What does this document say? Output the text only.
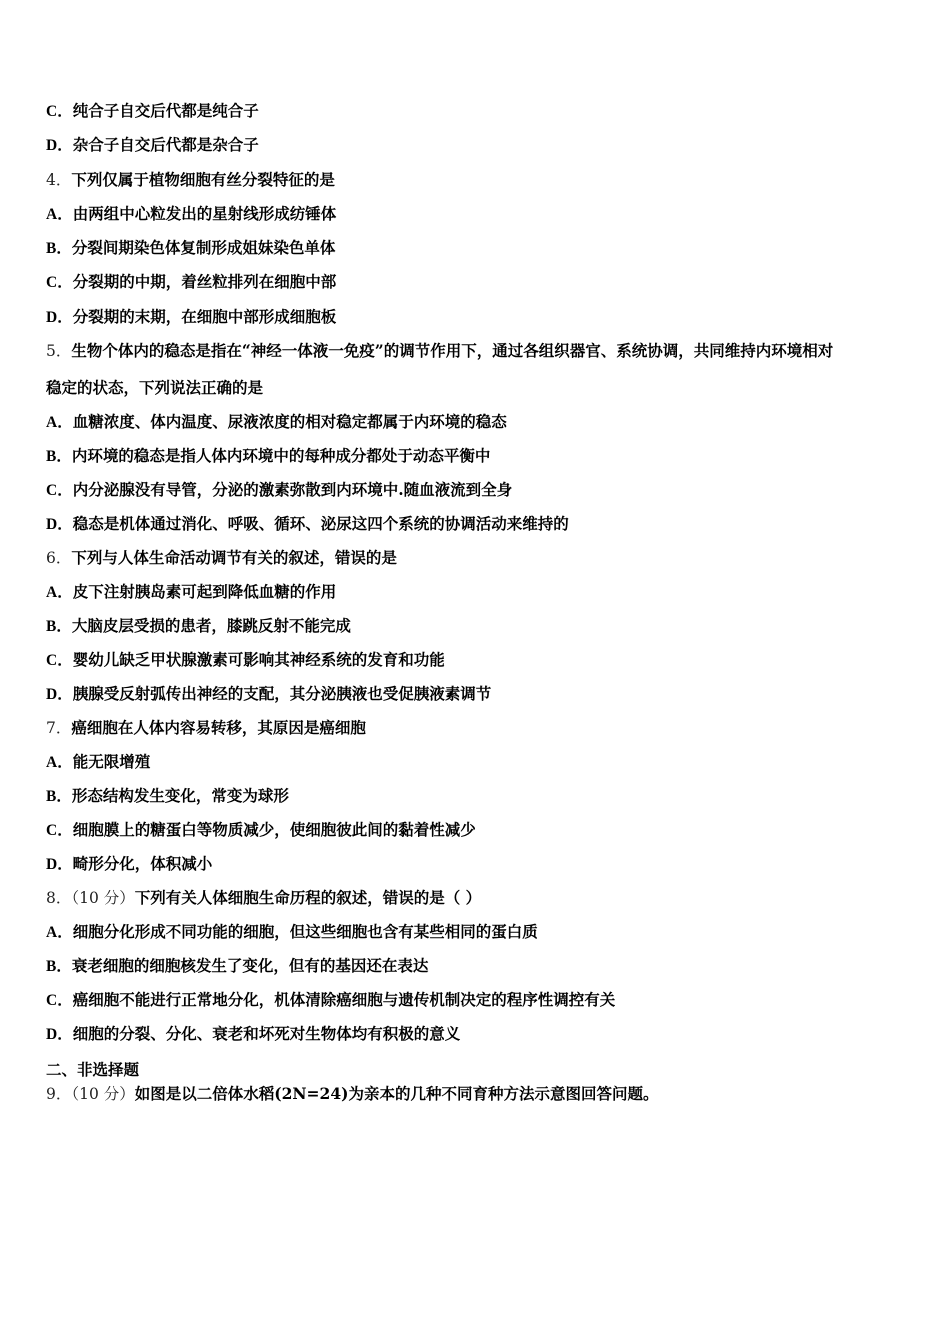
C．纯合子自交后代都是纯合子
D．杂合子自交后代都是杂合子
4．下列仅属于植物细胞有丝分裂特征的是
A．由两组中心粒发出的星射线形成纺锤体
B．分裂间期染色体复制形成姐妹染色单体
C．分裂期的中期，着丝粒排列在细胞中部
D．分裂期的末期，在细胞中部形成细胞板
5．生物个体内的稳态是指在“神经一体液一免疫”的调节作用下，通过各组织器官、系统协调，共同维持内环境相对
稳定的状态，下列说法正确的是
A．血糖浓度、体内温度、尿液浓度的相对稳定都属于内环境的稳态
B．内环境的稳态是指人体内环境中的每种成分都处于动态平衡中
C．内分泌腺没有导管，分泌的激素弥散到内环境中.随血液流到全身
D．稳态是机体通过消化、呼吸、循环、泌尿这四个系统的协调活动来维持的
6．下列与人体生命活动调节有关的叙述，错误的是
A．皮下注射胰岛素可起到降低血糖的作用
B．大脑皮层受损的患者，膝跳反射不能完成
C．婴幼儿缺乏甲状腺激素可影响其神经系统的发育和功能
D．胰腺受反射弧传出神经的支配，其分泌胰液也受促胰液素调节
7．癌细胞在人体内容易转移，其原因是癌细胞
A．能无限增殖
B．形态结构发生变化，常变为球形
C．细胞膜上的糖蛋白等物质减少，使细胞彼此间的黏着性减少
D．畸形分化，体积减小
8．（10 分）下列有关人体细胞生命历程的叙述，错误的是（ ）
A．细胞分化形成不同功能的细胞，但这些细胞也含有某些相同的蛋白质
B．衰老细胞的细胞核发生了变化，但有的基因还在表达
C．癌细胞不能进行正常地分化，机体清除癌细胞与遗传机制决定的程序性调控有关
D．细胞的分裂、分化、衰老和坏死对生物体均有积极的意义
二、非选择题
9．（10 分）如图是以二倍体水稻(2N=24)为亲本的几种不同育种方法示意图回答问题。
